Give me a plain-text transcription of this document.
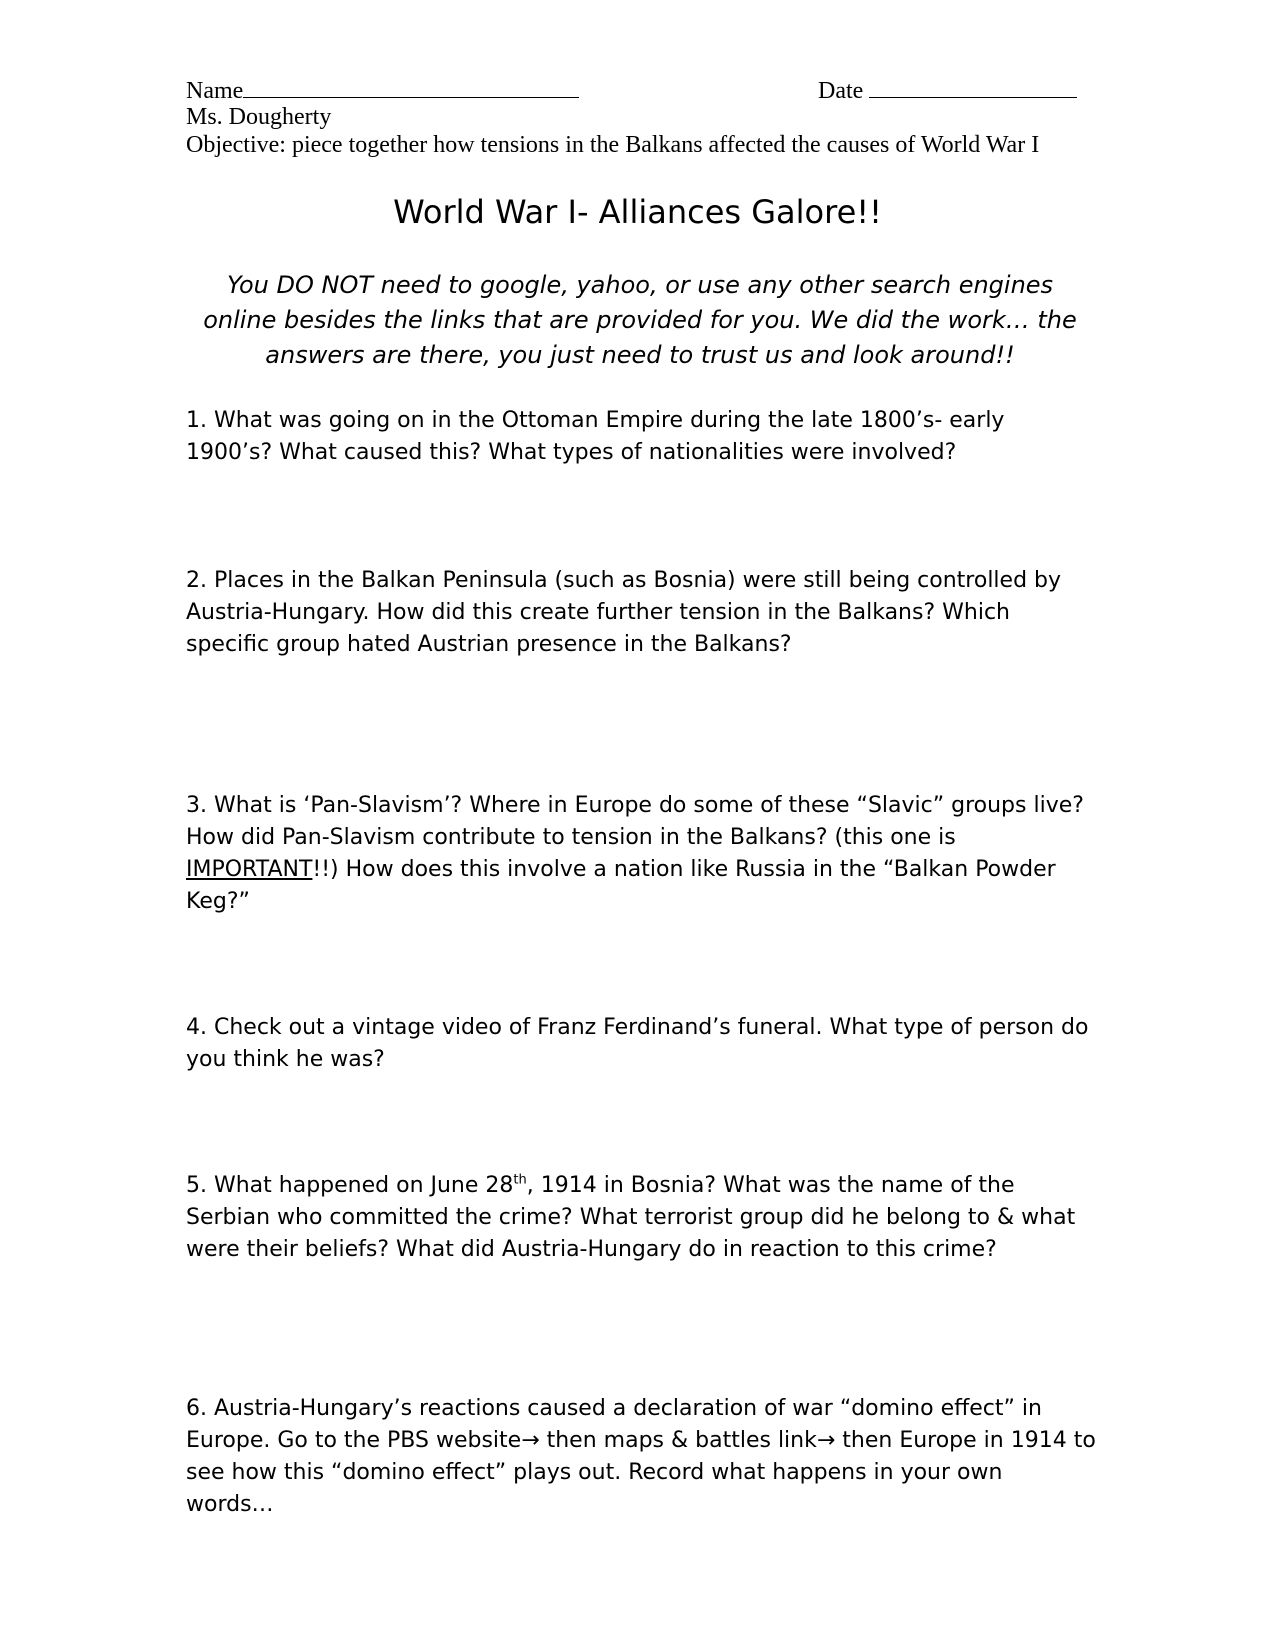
Name	Date
Ms. Dougherty
Objective: piece together how tensions in the Balkans affected the causes of World War I
World War I- Alliances Galore!!
You DO NOT need to google, yahoo, or use any other search engines online besides the links that are provided for you. We did the work… the answers are there, you just need to trust us and look around!!
1. What was going on in the Ottoman Empire during the late 1800’s- early 1900’s? What caused this? What types of nationalities were involved?
2. Places in the Balkan Peninsula (such as Bosnia) were still being controlled by Austria-Hungary. How did this create further tension in the Balkans? Which specific group hated Austrian presence in the Balkans?
3. What is ‘Pan-Slavism’? Where in Europe do some of these “Slavic” groups live? How did Pan-Slavism contribute to tension in the Balkans? (this one is IMPORTANT!!) How does this involve a nation like Russia in the “Balkan Powder Keg?”
4. Check out a vintage video of Franz Ferdinand’s funeral. What type of person do you think he was?
5. What happened on June 28th, 1914 in Bosnia? What was the name of the Serbian who committed the crime? What terrorist group did he belong to & what were their beliefs? What did Austria-Hungary do in reaction to this crime?
6. Austria-Hungary’s reactions caused a declaration of war “domino effect” in Europe. Go to the PBS website→ then maps & battles link→ then Europe in 1914 to see how this “domino effect” plays out. Record what happens in your own words…
